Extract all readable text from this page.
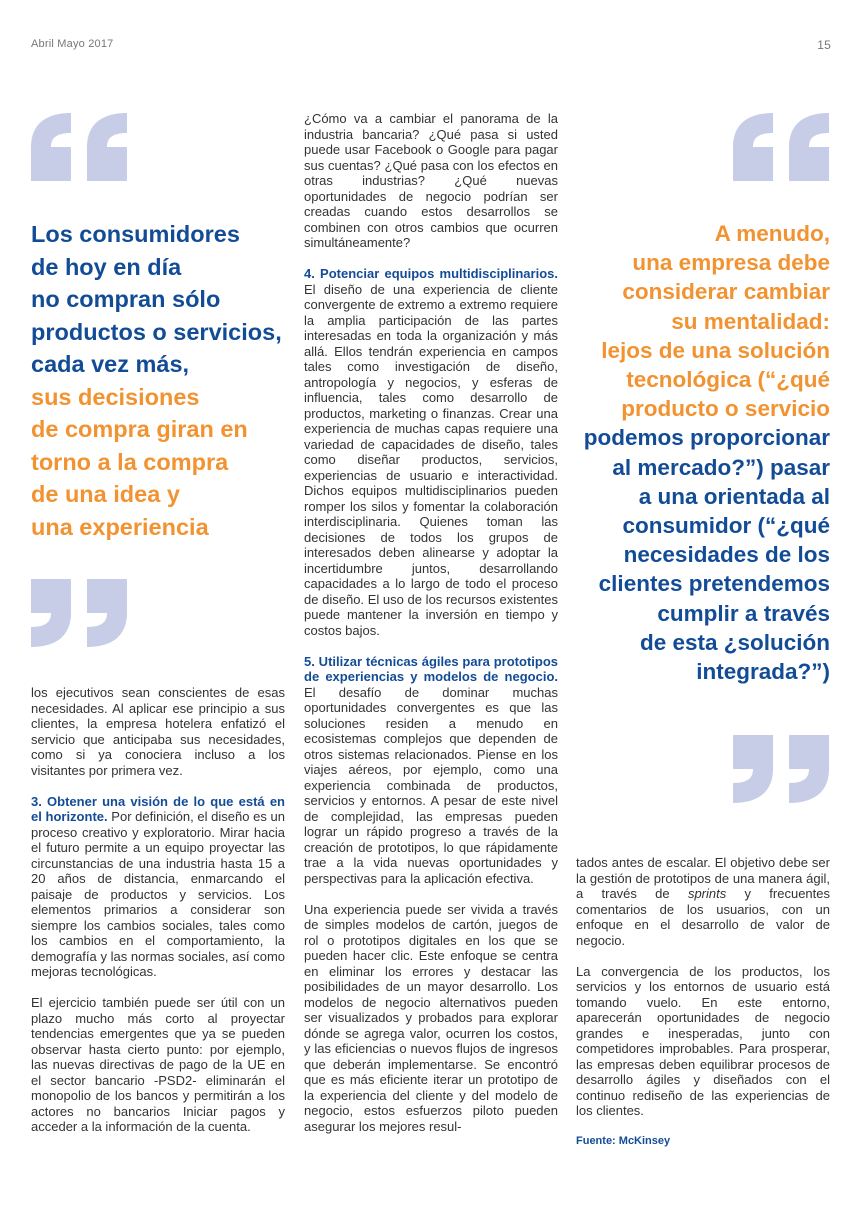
Abril Mayo 2017	15
Los consumidores
de hoy en día
no compran sólo
productos o servicios,
cada vez más,
sus decisiones
de compra giran en
torno a la compra
de una idea y
una experiencia
A menudo,
una empresa debe
considerar cambiar
su mentalidad:
lejos de una solución
tecnológica (“¿qué
producto o servicio
podemos proporcionar
al mercado?”) pasar
a una orientada al
consumidor (“¿qué
necesidades de los
clientes pretendemos
cumplir a través
de esta ¿solución
integrada?”)

los ejecutivos sean conscientes de esas necesidades. Al aplicar ese principio a sus clientes, la empresa hotelera enfatizó el servicio que anticipaba sus necesidades, como si ya conociera incluso a los visitantes por primera vez.

3. Obtener una visión de lo que está en el horizonte. Por definición, el diseño es un proceso creativo y exploratorio. Mirar hacia el futuro permite a un equipo proyectar las circunstancias de una industria hasta 15 a 20 años de distancia, enmarcando el paisaje de productos y servicios. Los elementos primarios a considerar son siempre los cambios sociales, tales como los cambios en el comportamiento, la demografía y las normas sociales, así como mejoras tecnológicas.

El ejercicio también puede ser útil con un plazo mucho más corto al proyectar tendencias emergentes que ya se pueden observar hasta cierto punto: por ejemplo, las nuevas directivas de pago de la UE en el sector bancario -PSD2- eliminarán el monopolio de los bancos y permitirán a los actores no bancarios Iniciar pagos y acceder a la información de la cuenta.

¿Cómo va a cambiar el panorama de la industria bancaria? ¿Qué pasa si usted puede usar Facebook o Google para pagar sus cuentas? ¿Qué pasa con los efectos en otras industrias? ¿Qué nuevas oportunidades de negocio podrían ser creadas cuando estos desarrollos se combinen con otros cambios que ocurren simultáneamente?

4. Potenciar equipos multidisciplinarios. El diseño de una experiencia de cliente convergente de extremo a extremo requiere la amplia participación de las partes interesadas en toda la organización y más allá. Ellos tendrán experiencia en campos tales como investigación de diseño, antropología y negocios, y esferas de influencia, tales como desarrollo de productos, marketing o finanzas. Crear una experiencia de muchas capas requiere una variedad de capacidades de diseño, tales como diseñar productos, servicios, experiencias de usuario e interactividad. Dichos equipos multidisciplinarios pueden romper los silos y fomentar la colaboración interdisciplinaria. Quienes toman las decisiones de todos los grupos de interesados deben alinearse y adoptar la incertidumbre juntos, desarrollando capacidades a lo largo de todo el proceso de diseño. El uso de los recursos existentes puede mantener la inversión en tiempo y costos bajos.

5. Utilizar técnicas ágiles para prototipos de experiencias y modelos de negocio. El desafío de dominar muchas oportunidades convergentes es que las soluciones residen a menudo en ecosistemas complejos que dependen de otros sistemas relacionados. Piense en los viajes aéreos, por ejemplo, como una experiencia combinada de productos, servicios y entornos. A pesar de este nivel de complejidad, las empresas pueden lograr un rápido progreso a través de la creación de prototipos, lo que rápidamente trae a la vida nuevas oportunidades y perspectivas para la aplicación efectiva.

Una experiencia puede ser vivida a través de simples modelos de cartón, juegos de rol o prototipos digitales en los que se pueden hacer clic. Este enfoque se centra en eliminar los errores y destacar las posibilidades de un mayor desarrollo. Los modelos de negocio alternativos pueden ser visualizados y probados para explorar dónde se agrega valor, ocurren los costos, y las eficiencias o nuevos flujos de ingresos que deberán implementarse. Se encontró que es más eficiente iterar un prototipo de la experiencia del cliente y del modelo de negocio, estos esfuerzos piloto pueden asegurar los mejores resul-

tados antes de escalar. El objetivo debe ser la gestión de prototipos de una manera ágil, a través de sprints y frecuentes comentarios de los usuarios, con un enfoque en el desarrollo de valor de negocio.

La convergencia de los productos, los servicios y los entornos de usuario está tomando vuelo. En este entorno, aparecerán oportunidades de negocio grandes e inesperadas, junto con competidores improbables. Para prosperar, las empresas deben equilibrar procesos de desarrollo ágiles y diseñados con el continuo rediseño de las experiencias de los clientes.

Fuente: McKinsey
